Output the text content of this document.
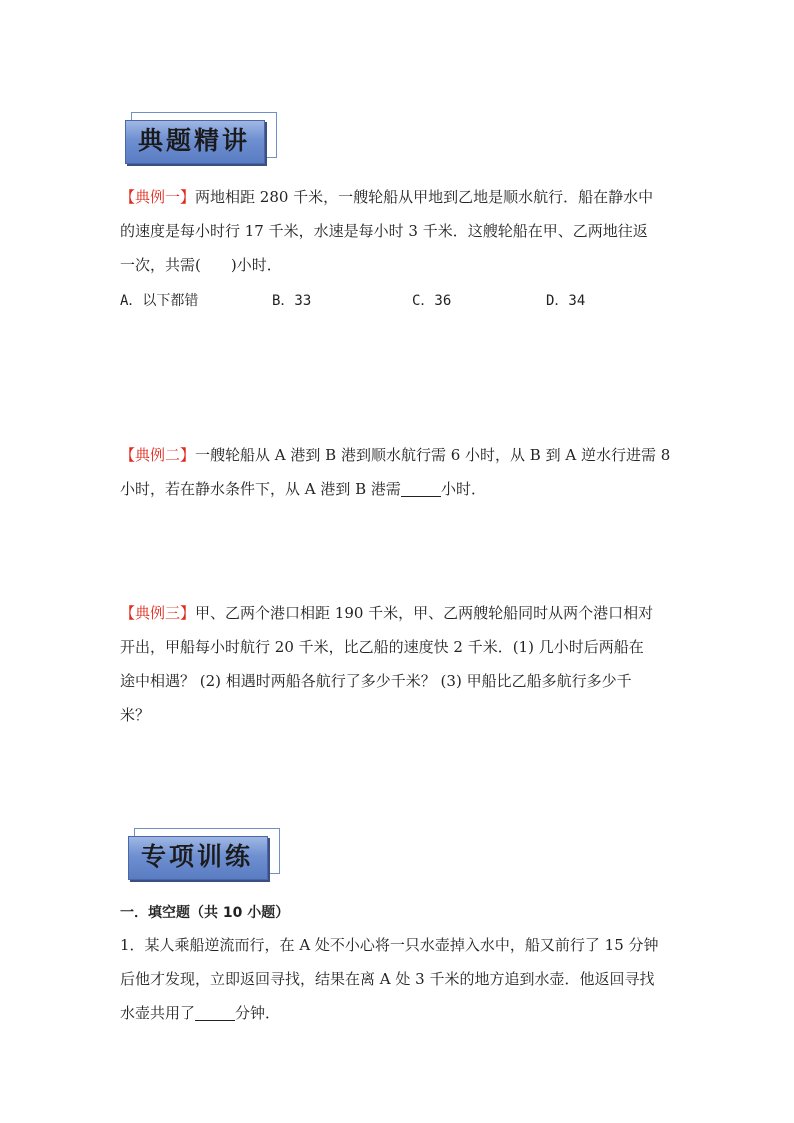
典题精讲
【典例一】两地相距 280 千米，一艘轮船从甲地到乙地是顺水航行．船在静水中
的速度是每小时行 17 千米，水速是每小时 3 千米．这艘轮船在甲、乙两地往返
一次，共需( )小时．
A．以下都错	B．33	C．36	D．34
【典例二】一艘轮船从 A 港到 B 港到顺水航行需 6 小时，从 B 到 A 逆水行进需 8
小时，若在静水条件下，从 A 港到 B 港需	小时．
【典例三】甲、乙两个港口相距 190 千米，甲、乙两艘轮船同时从两个港口相对
开出，甲船每小时航行 20 千米，比乙船的速度快 2 千米．(1) 几小时后两船在
途中相遇？ (2) 相遇时两船各航行了多少千米？ (3) 甲船比乙船多航行多少千
米？
专项训练
一．填空题（共 10 小题）
1．某人乘船逆流而行，在 A 处不小心将一只水壶掉入水中，船又前行了 15 分钟
后他才发现，立即返回寻找，结果在离 A 处 3 千米的地方追到水壶．他返回寻找
水壶共用了	分钟．
